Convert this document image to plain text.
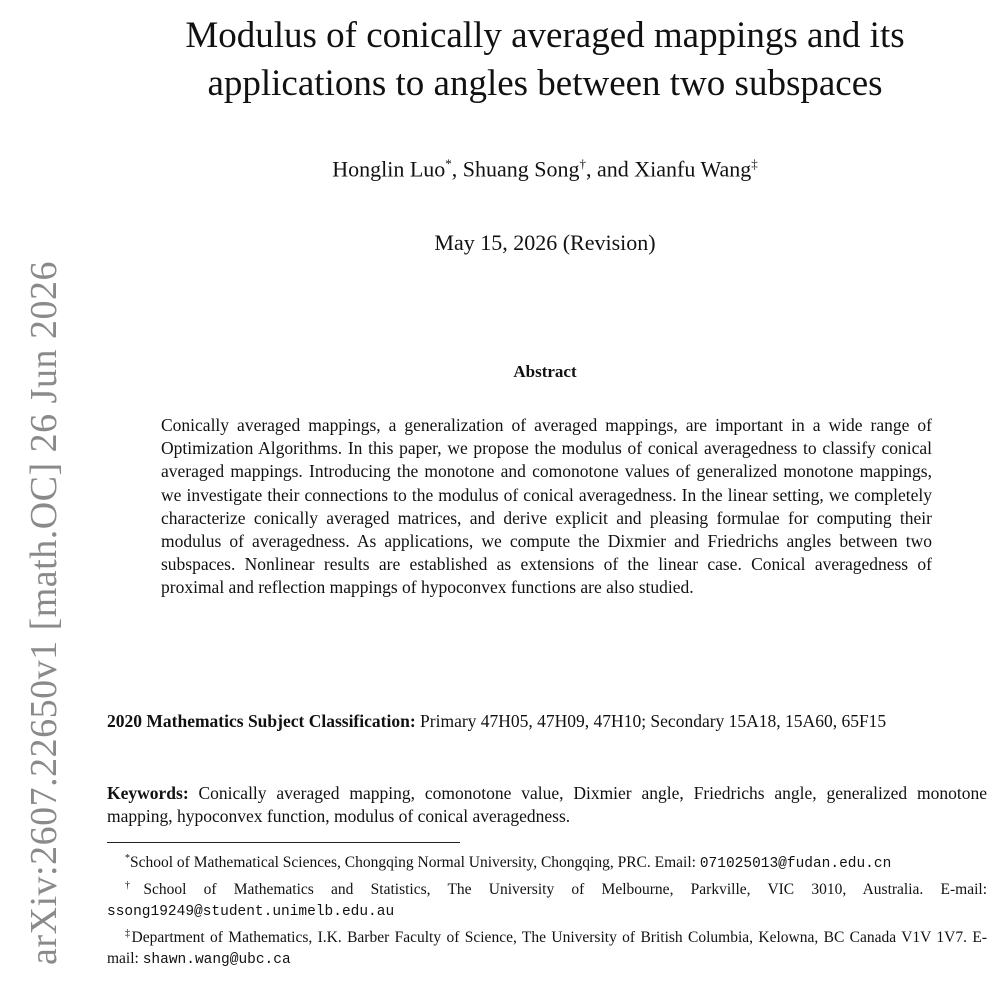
arXiv:2607.22650v1 [math.OC] 26 Jun 2026
Modulus of conically averaged mappings and its
applications to angles between two subspaces
Honglin Luo*, Shuang Song†, and Xianfu Wang‡
May 15, 2026 (Revision)
Abstract
Conically averaged mappings, a generalization of averaged mappings, are important in a wide range of Optimization Algorithms. In this paper, we propose the modulus of conical averagedness to classify conical averaged mappings. Introducing the monotone and comonotone values of generalized monotone mappings, we investigate their connections to the modulus of conical averagedness. In the linear setting, we completely characterize conically averaged matrices, and derive explicit and pleasing formulae for computing their modulus of averagedness. As applications, we compute the Dixmier and Friedrichs angles between two subspaces. Nonlinear results are established as extensions of the linear case. Conical averagedness of proximal and reflection mappings of hypoconvex functions are also studied.
2020 Mathematics Subject Classification: Primary 47H05, 47H09, 47H10; Secondary 15A18, 15A60, 65F15
Keywords: Conically averaged mapping, comonotone value, Dixmier angle, Friedrichs angle, generalized monotone mapping, hypoconvex function, modulus of conical averagedness.
*School of Mathematical Sciences, Chongqing Normal University, Chongqing, PRC. Email: 071025013@fudan.edu.cn
†School of Mathematics and Statistics, The University of Melbourne, Parkville, VIC 3010, Australia. E-mail: ssong19249@student.unimelb.edu.au
‡Department of Mathematics, I.K. Barber Faculty of Science, The University of British Columbia, Kelowna, BC Canada V1V 1V7. E-mail: shawn.wang@ubc.ca
